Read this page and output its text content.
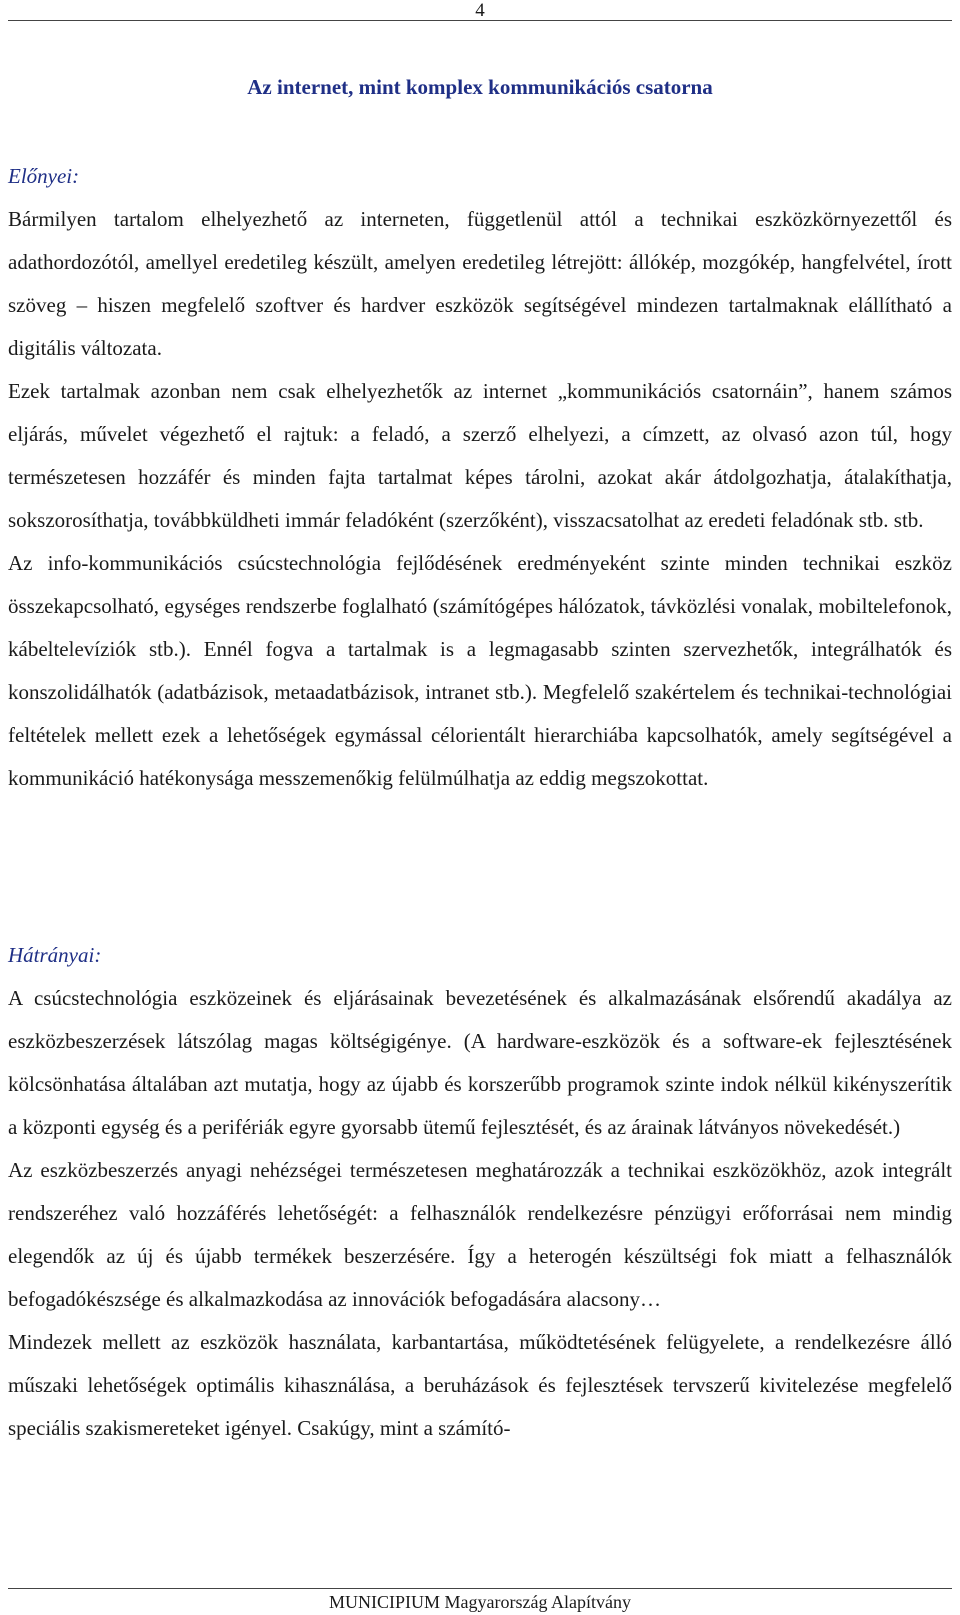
4
Az internet, mint komplex kommunikációs csatorna

Előnyei:

Bármilyen tartalom elhelyezhető az interneten, függetlenül attól a technikai eszközkörnyezettől és adathordozótól, amellyel eredetileg készült, amelyen eredetileg létrejött: állókép, mozgókép, hangfelvétel, írott szöveg – hiszen megfelelő szoftver és hardver eszközök segítségével mindezen tartalmaknak elállítható a digitális változata.

Ezek tartalmak azonban nem csak elhelyezhetők az internet „kommunikációs csatornáin”, hanem számos eljárás, művelet végezhető el rajtuk: a feladó, a szerző elhelyezi, a címzett, az olvasó azon túl, hogy természetesen hozzáfér és minden fajta tartalmat képes tárolni, azokat akár átdolgozhatja, átalakíthatja, sokszorosíthatja, továbbküldheti immár feladóként (szerzőként), visszacsatolhat az eredeti feladónak stb. stb.

Az info-kommunikációs csúcstechnológia fejlődésének eredményeként szinte minden technikai eszköz összekapcsolható, egységes rendszerbe foglalható (számítógépes hálózatok, távközlési vonalak, mobiltelefonok, kábeltelevíziók stb.). Ennél fogva a tartalmak is a legmagasabb szinten szervezhetők, integrálhatók és konszolidálhatók (adatbázisok, metaadatbázisok, intranet stb.). Megfelelő szakértelem és technikai-technológiai feltételek mellett ezek a lehetőségek egymással célorientált hierarchiába kapcsolhatók, amely segítségével a kommunikáció hatékonysága messzemenőkig felülmúlhatja az eddig megszokottat.

Hátrányai:

A csúcstechnológia eszközeinek és eljárásainak bevezetésének és alkalmazásának elsőrendű akadálya az eszközbeszerzések látszólag magas költségigénye. (A hardware-eszközök és a software-ek fejlesztésének kölcsönhatása általában azt mutatja, hogy az újabb és korszerűbb programok szinte indok nélkül kikényszerítik a központi egység és a perifériák egyre gyorsabb ütemű fejlesztését, és az árainak látványos növekedését.)

Az eszközbeszerzés anyagi nehézségei természetesen meghatározzák a technikai eszközökhöz, azok integrált rendszeréhez való hozzáférés lehetőségét: a felhasználók rendelkezésre pénzügyi erőforrásai nem mindig elegendők az új és újabb termékek beszerzésére. Így a heterogén készültségi fok miatt a felhasználók befogadókészsége és alkalmazkodása az innovációk befogadására alacsony…

Mindezek mellett az eszközök használata, karbantartása, működtetésének felügyelete, a rendelkezésre álló műszaki lehetőségek optimális kihasználása, a beruházások és fejlesztések tervszerű kivitelezése megfelelő speciális szakismereteket igényel. Csakúgy, mint a számító-

MUNICIPIUM Magyarország Alapítvány
